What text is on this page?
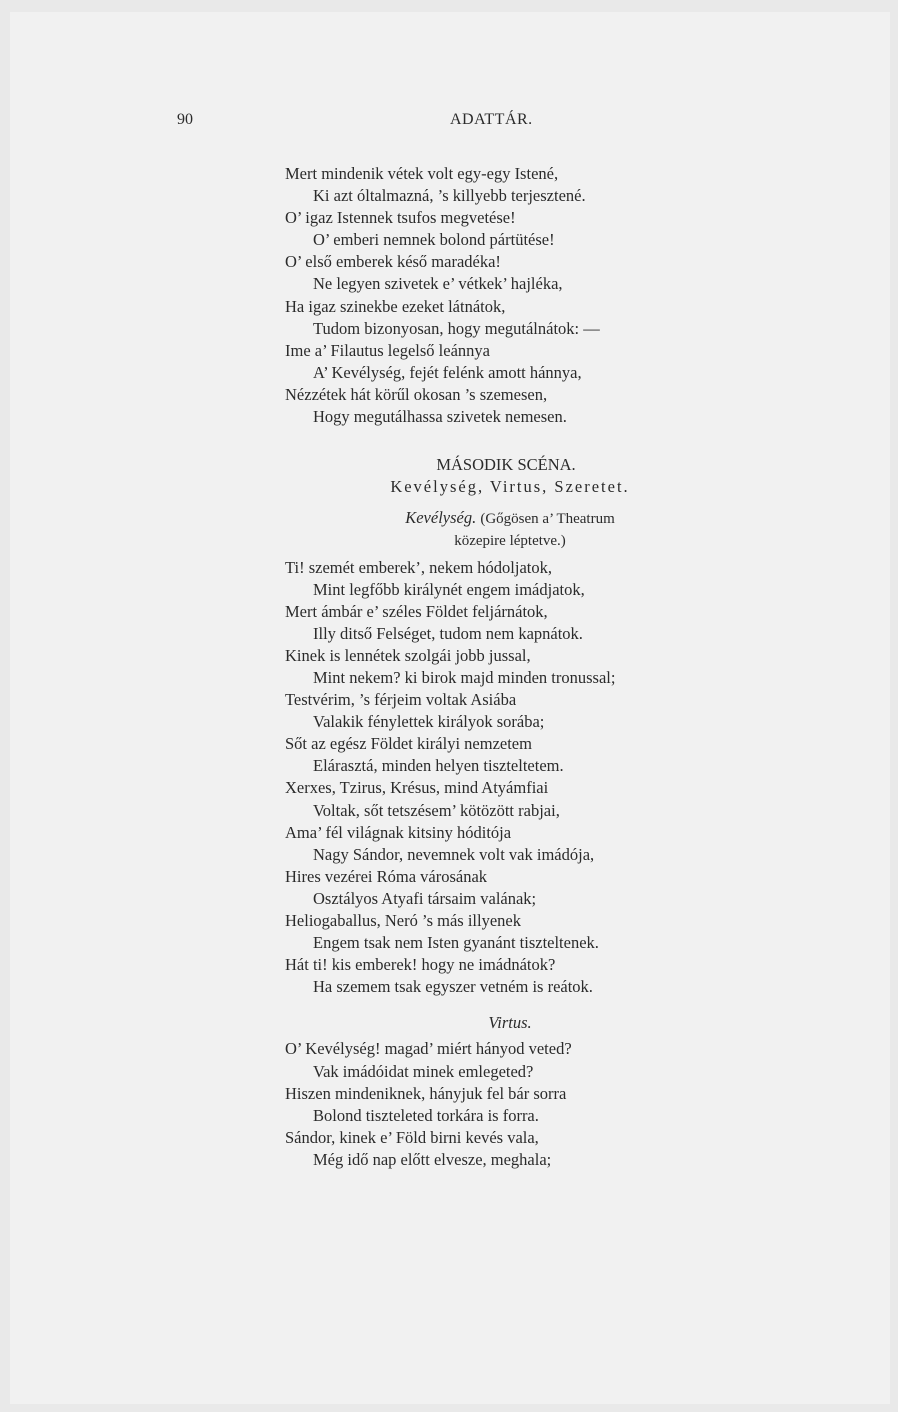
90	ADATTÁR.
Mert mindenik vétek volt egy-egy Istené,
Ki azt óltalmazná, ’s killyebb terjesztené.
O’ igaz Istennek tsufos megvetése!
O’ emberi nemnek bolond pártütése!
O’ első emberek késő maradéka!
Ne legyen szivetek e’ vétkek’ hajléka,
Ha igaz szinekbe ezeket látnátok,
Tudom bizonyosan, hogy megutálnátok: —
Ime a’ Filautus legelső leánnya
A’ Kevélység, fejét felénk amott hánnya,
Nézzétek hát körűl okosan ’s szemesen,
Hogy megutálhassa szivetek nemesen.
MÁSODIK SCÉNA.
Kevélység, Virtus, Szeretet.
Kevélység. (Gőgösen a’ Theatrum
közepire léptetve.)
Ti! szemét emberek’, nekem hódoljatok,
Mint legfőbb királynét engem imádjatok,
Mert ámbár e’ széles Földet feljárnátok,
Illy ditső Felséget, tudom nem kapnátok.
Kinek is lennétek szolgái jobb jussal,
Mint nekem? ki birok majd minden tronussal;
Testvérim, ’s férjeim voltak Asiába
Valakik fénylettek királyok sorába;
Sőt az egész Földet királyi nemzetem
Elárasztá, minden helyen tiszteltetem.
Xerxes, Tzirus, Krésus, mind Atyámfiai
Voltak, sőt tetszésem’ kötözött rabjai,
Ama’ fél világnak kitsiny hóditója
Nagy Sándor, nevemnek volt vak imádója,
Hires vezérei Róma városának
Osztályos Atyafi társaim valának;
Heliogaballus, Neró ’s más illyenek
Engem tsak nem Isten gyanánt tiszteltenek.
Hát ti! kis emberek! hogy ne imádnátok?
Ha szemem tsak egyszer vetném is reátok.
Virtus.
O’ Kevélység! magad’ miért hányod veted?
Vak imádóidat minek emlegeted?
Hiszen mindeniknek, hányjuk fel bár sorra
Bolond tiszteleted torkára is forra.
Sándor, kinek e’ Föld birni kevés vala,
Még idő nap előtt elvesze, meghala;
